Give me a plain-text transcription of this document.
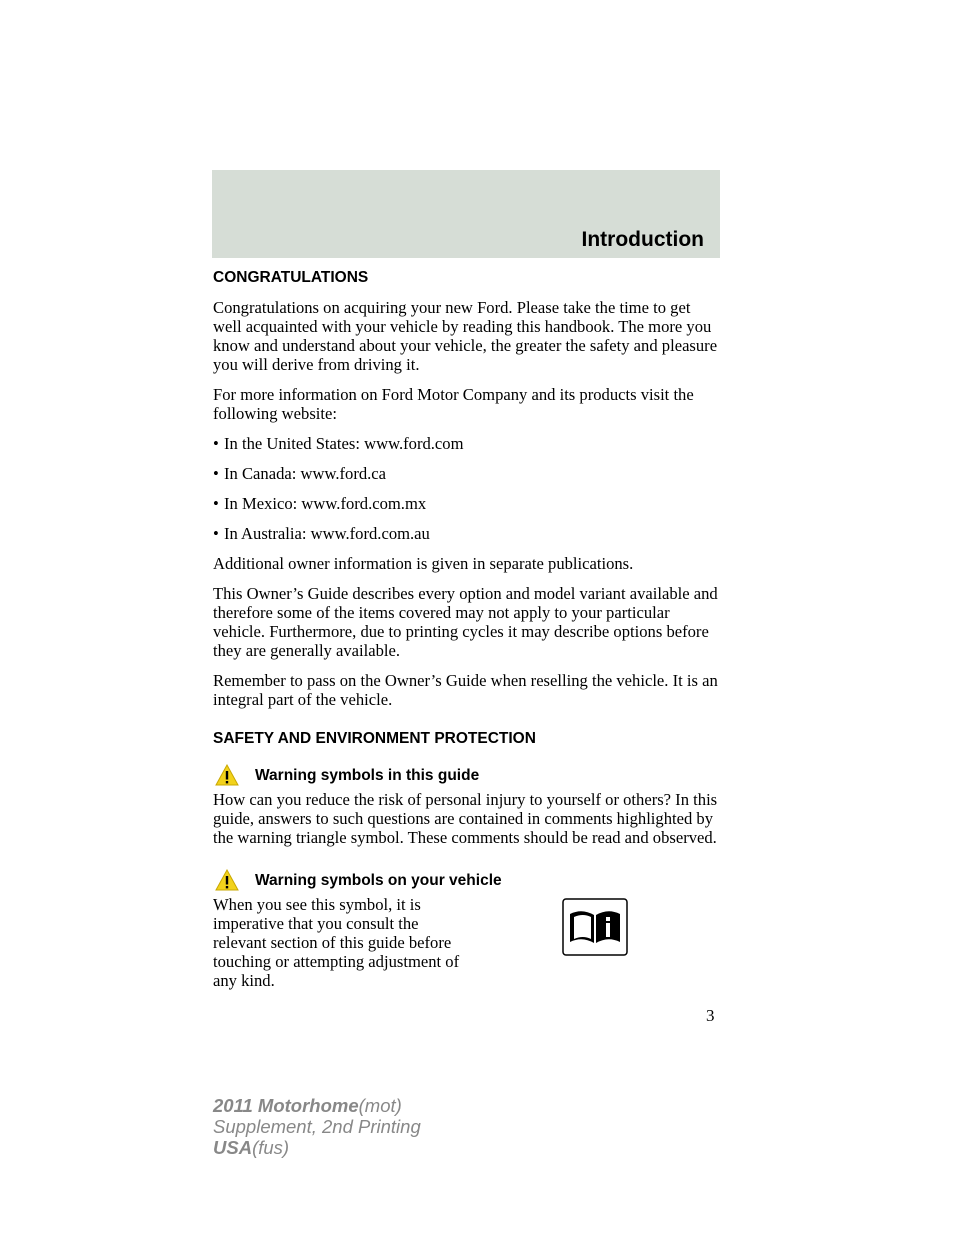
Introduction
CONGRATULATIONS

Congratulations on acquiring your new Ford. Please take the time to get well acquainted with your vehicle by reading this handbook. The more you know and understand about your vehicle, the greater the safety and pleasure you will derive from driving it.

For more information on Ford Motor Company and its products visit the following website:

• In the United States: www.ford.com
• In Canada: www.ford.ca
• In Mexico: www.ford.com.mx
• In Australia: www.ford.com.au

Additional owner information is given in separate publications.

This Owner’s Guide describes every option and model variant available and therefore some of the items covered may not apply to your particular vehicle. Furthermore, due to printing cycles it may describe options before they are generally available.

Remember to pass on the Owner’s Guide when reselling the vehicle. It is an integral part of the vehicle.

SAFETY AND ENVIRONMENT PROTECTION
Warning symbols in this guide

How can you reduce the risk of personal injury to yourself or others? In this guide, answers to such questions are contained in comments highlighted by the warning triangle symbol. These comments should be read and observed.

Warning symbols on your vehicle

When you see this symbol, it is imperative that you consult the relevant section of this guide before touching or attempting adjustment of any kind.

3
2011 Motorhome(mot)
Supplement, 2nd Printing
USA(fus)
